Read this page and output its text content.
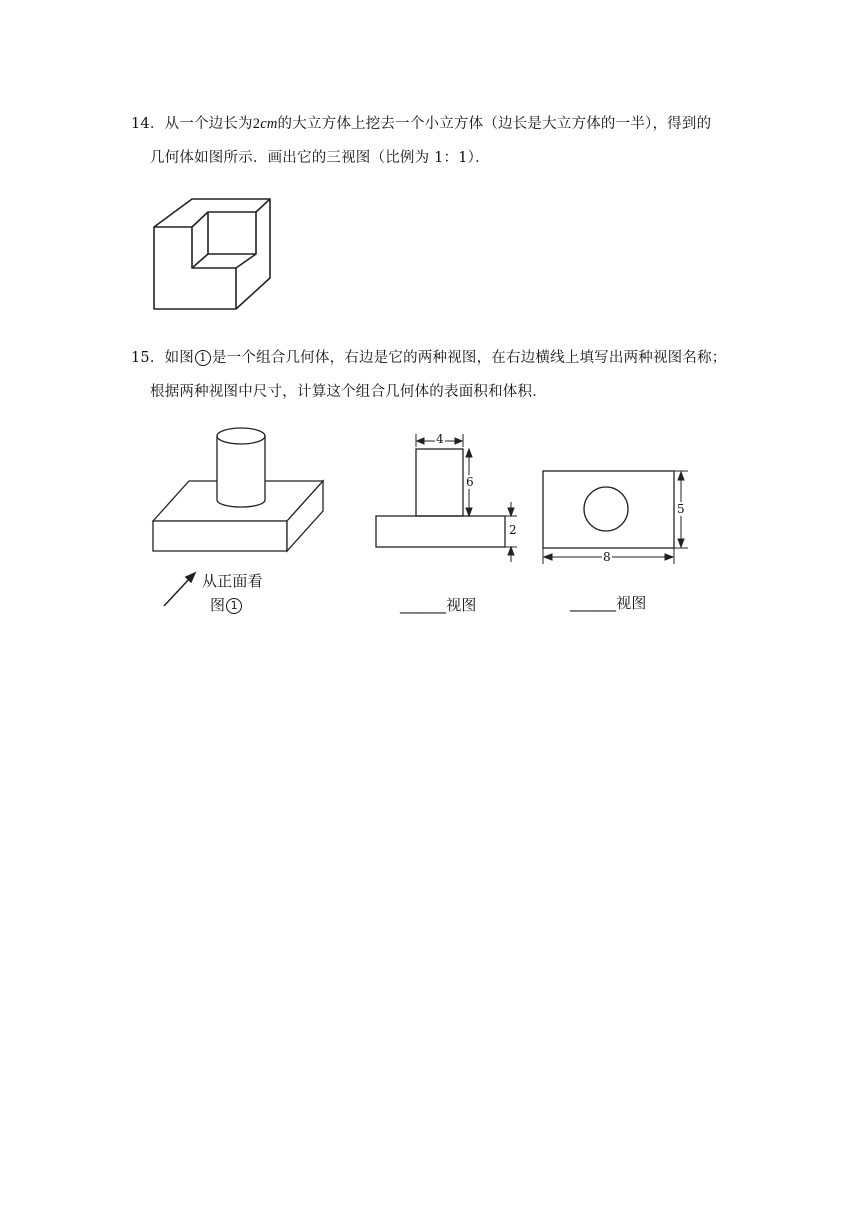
14．从一个边长为2cm的大立方体上挖去一个小立方体（边长是大立方体的一半），得到的
几何体如图所示．画出它的三视图（比例为 1：1）．
15．如图 1 是一个组合几何体，右边是它的两种视图，在右边横线上填写出两种视图名称；
根据两种视图中尺寸，计算这个组合几何体的表面积和体积．
从正面看
图 1
4
6
2
______视图
5
8
______视图
